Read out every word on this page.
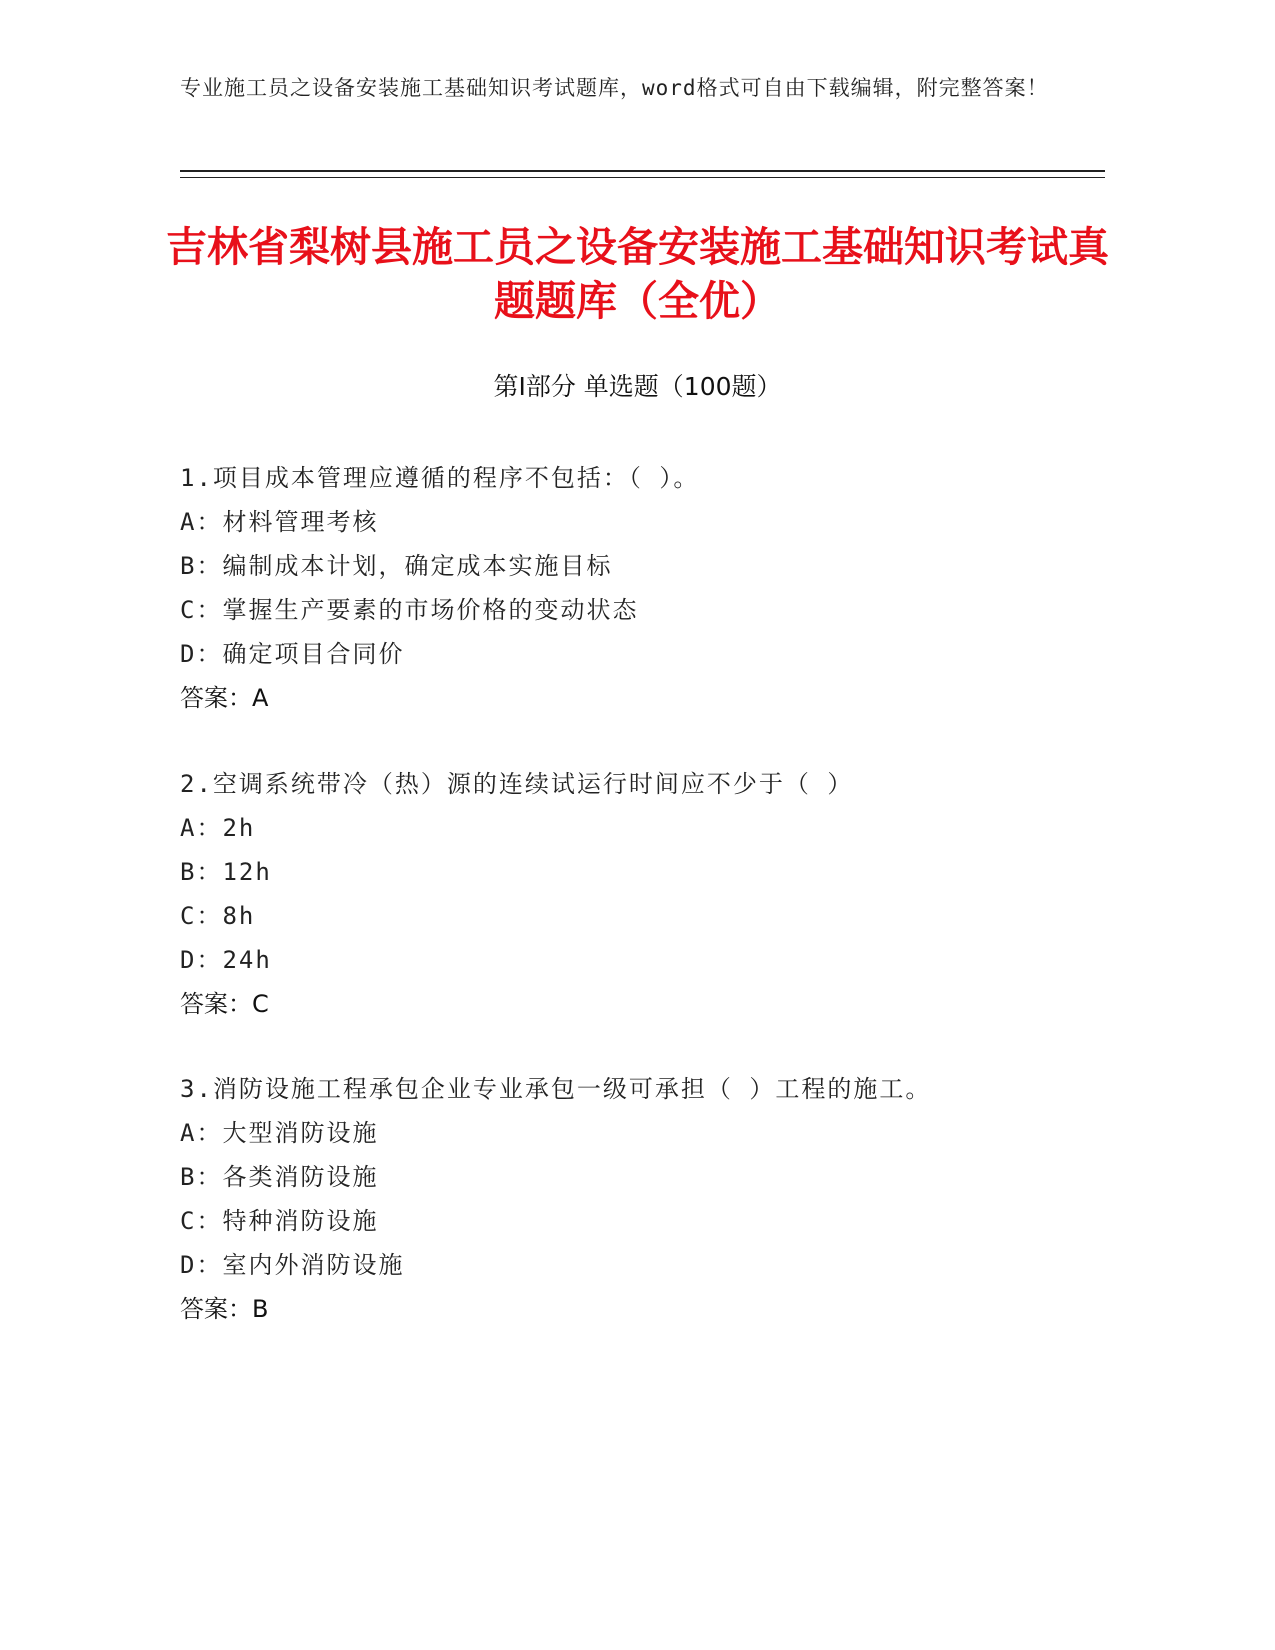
专业施工员之设备安装施工基础知识考试题库，word格式可自由下载编辑，附完整答案！
吉林省梨树县施工员之设备安装施工基础知识考试真题题库（全优）
第Ⅰ部分 单选题（100题）
1.项目成本管理应遵循的程序不包括：（ ）。
A：材料管理考核
B：编制成本计划，确定成本实施目标
C：掌握生产要素的市场价格的变动状态
D：确定项目合同价
答案：A
2.空调系统带冷（热）源的连续试运行时间应不少于（ ）
A：2h
B：12h
C：8h
D：24h
答案：C
3.消防设施工程承包企业专业承包一级可承担（ ）工程的施工。
A：大型消防设施
B：各类消防设施
C：特种消防设施
D：室内外消防设施
答案：B
